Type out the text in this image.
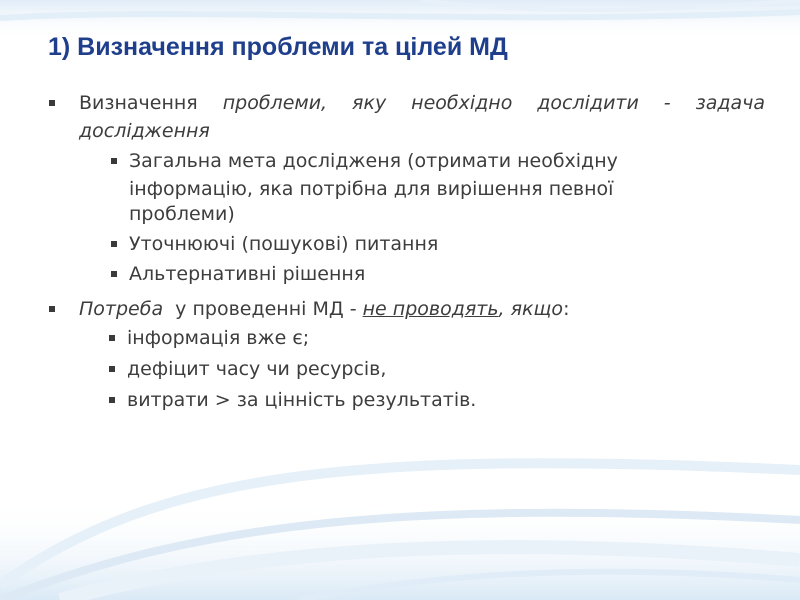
1) Визначення проблеми та цілей МД
Визначення проблеми, яку необхідно дослідити - задача
дослідження
Загальна мета дослідженя (отримати необхідну
інформацію, яка потрібна для вирішення певної
проблеми)
Уточнюючі (пошукові) питання
Альтернативні рішення
Потреба  у проведенні МД - не проводять, якщо:
інформація вже є;
дефіцит часу чи ресурсів,
витрати > за цінність результатів.
